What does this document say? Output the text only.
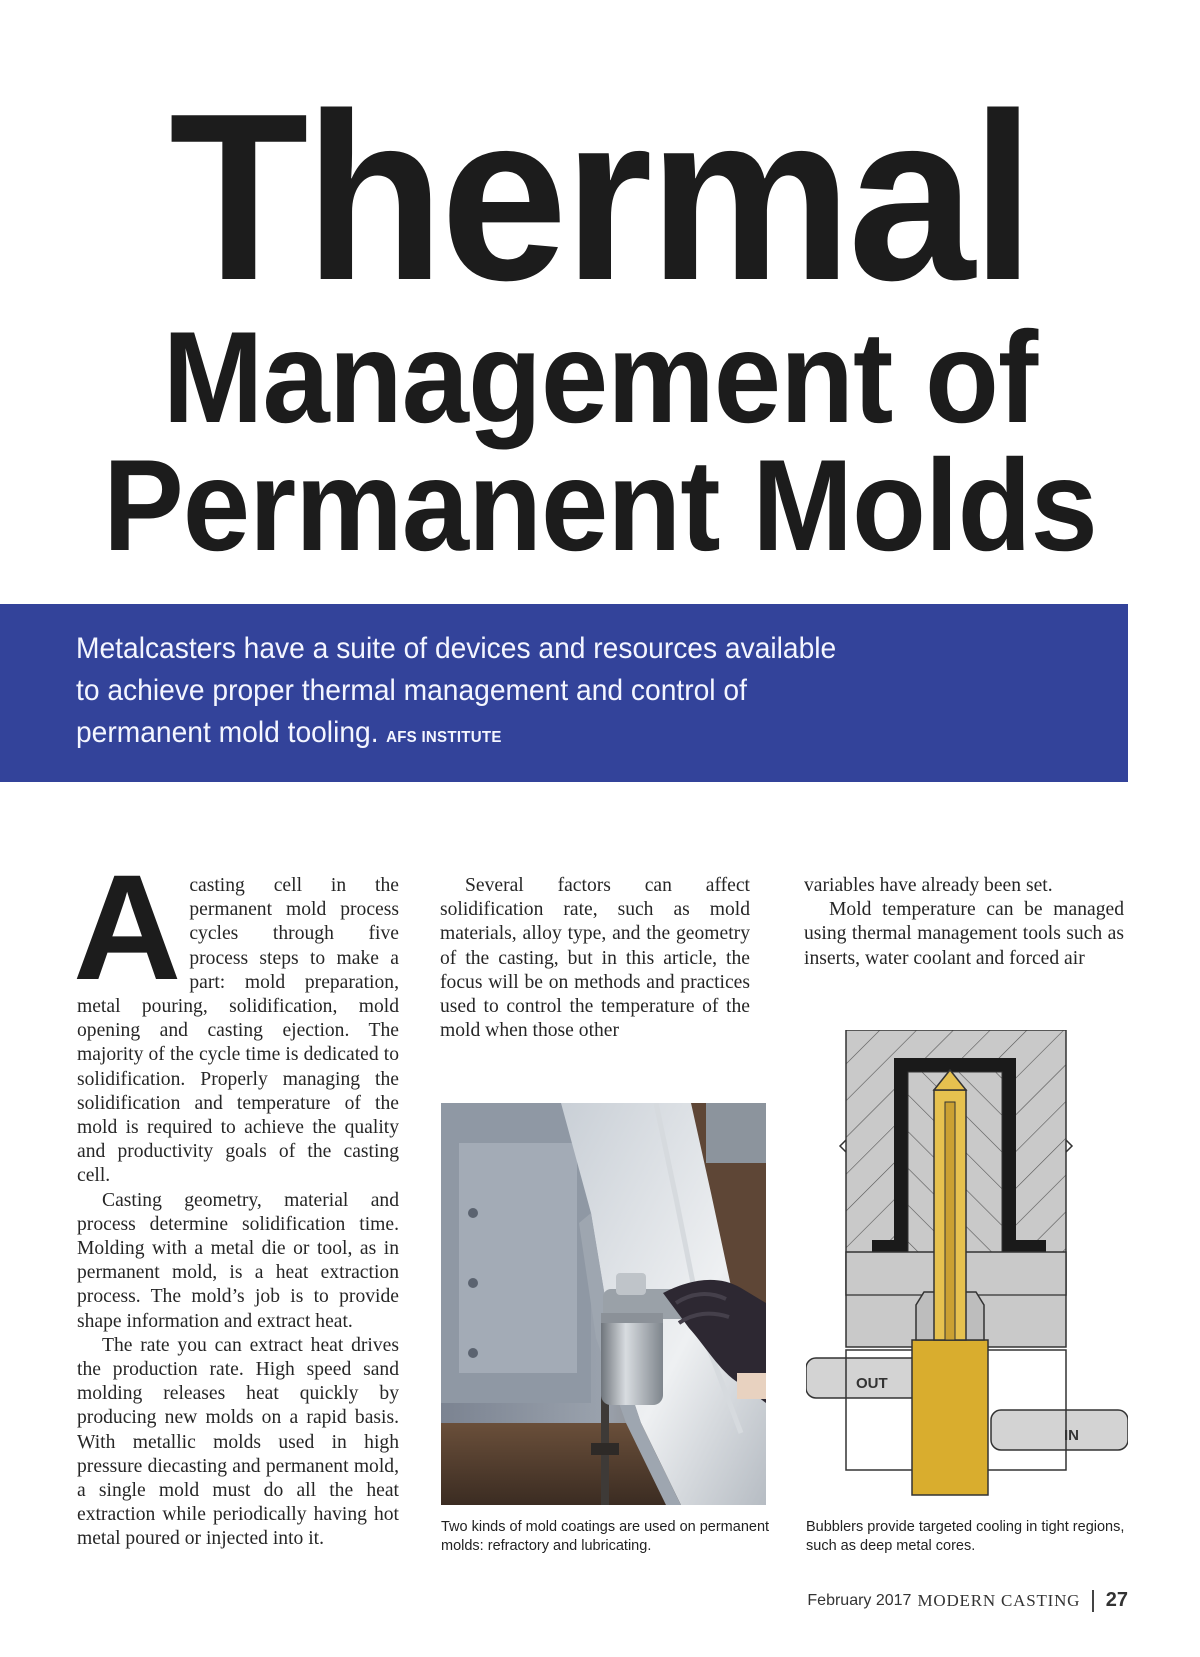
Thermal
Management of
Permanent Molds
Metalcasters have a suite of devices and resources available to achieve proper thermal management and control of permanent mold tooling. AFS INSTITUTE
A casting cell in the permanent mold process cycles through five process steps to make a part: mold preparation, metal pouring, solidification, mold opening and casting ejection. The majority of the cycle time is dedicated to solidification. Properly managing the solidification and temperature of the mold is required to achieve the quality and productivity goals of the casting cell.

Casting geometry, material and process determine solidification time. Molding with a metal die or tool, as in permanent mold, is a heat extraction process. The mold’s job is to provide shape information and extract heat.

The rate you can extract heat drives the production rate. High speed sand molding releases heat quickly by producing new molds on a rapid basis. With metallic molds used in high pressure diecasting and permanent mold, a single mold must do all the heat extraction while periodically having hot metal poured or injected into it.

Several factors can affect solidification rate, such as mold materials, alloy type, and the geometry of the casting, but in this article, the focus will be on methods and practices used to control the temperature of the mold when those other

variables have already been set.

Mold temperature can be managed using thermal management tools such as inserts, water coolant and forced air

OUT
IN
Two kinds of mold coatings are used on permanent molds: refractory and lubricating.
Bubblers provide targeted cooling in tight regions, such as deep metal cores.
February 2017 MODERN CASTING 27
